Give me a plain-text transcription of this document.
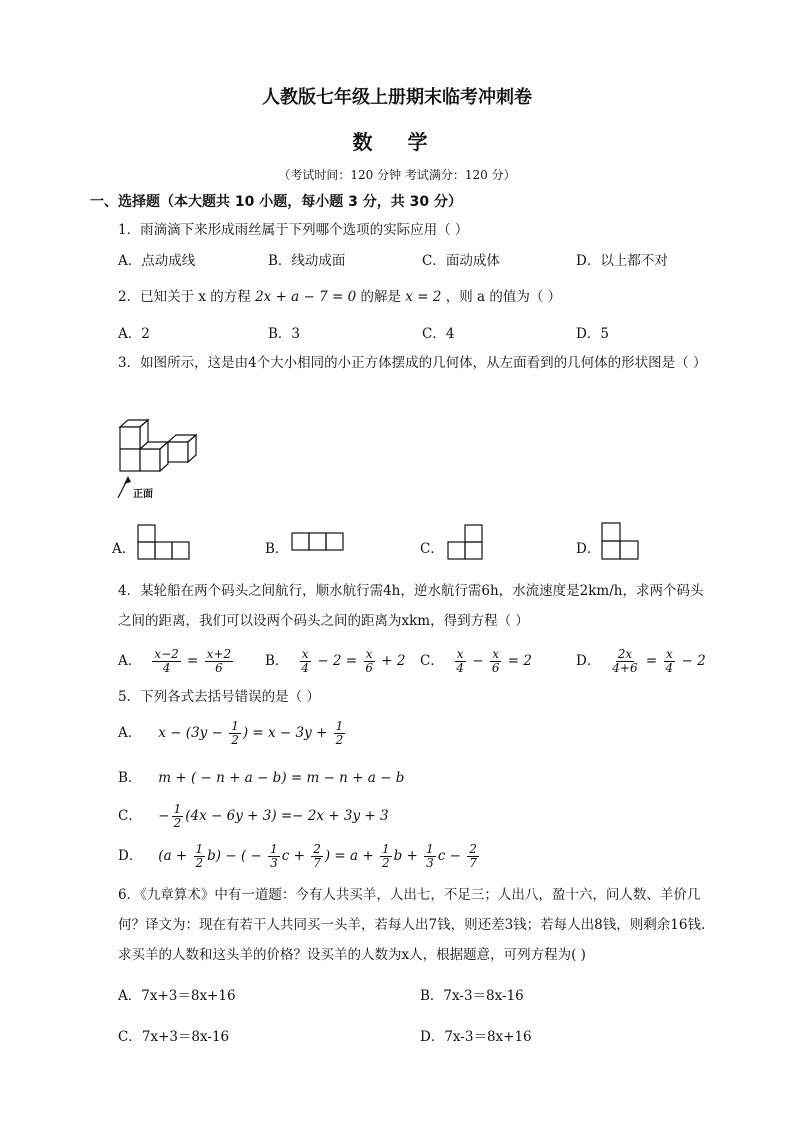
人教版七年级上册期末临考冲刺卷
数 学
（考试时间：120 分钟 考试满分：120 分）
一、选择题（本大题共 10 小题，每小题 3 分，共 30 分）
1．雨滴滴下来形成雨丝属于下列哪个选项的实际应用（ ）
A．点动成线	B．线动成面	C．面动成体	D．以上都不对
2．已知关于 x 的方程 2x + a − 7 = 0 的解是 x = 2 ，则 a 的值为（ ）
A．2	B．3	C．4	D．5
3．如图所示，这是由4个大小相同的小正方体摆成的几何体，从左面看到的几何体的形状图是（ ）
正面
A．	B．	C．	D．
4．某轮船在两个码头之间航行，顺水航行需4h，逆水航行需6h，水流速度是2km/h，求两个码头之间的距离，我们可以设两个码头之间的距离为xkm，得到方程（ ）
A． $\frac{x-2}{4} = \frac{x+2}{6}$ B． $\frac{x}{4} - 2 = \frac{x}{6} + 2$ C． $\frac{x}{4} - \frac{x}{6} = 2$	D． $\frac{2x}{4+6} = \frac{x}{4} - 2$
5．下列各式去括号错误的是（ ）
A． $x - (3y - \frac{1}{2}$ ) = $x - 3y + \frac{1}{2}$
B． m + ( − n + a − b) = m − n + a − b
C． − $\frac{1}{2} (4x - 6y + 3) =- 2x + 3y + 3$
D． $(a + \frac{1}{2} b)$ − ( − $\frac{1}{3}$ $c + \frac{2}{7}$ ) = $a + \frac{1}{2}$ $b + \frac{1}{3}$ $c - \frac{2}{7}$
6．《九章算术》中有一道题：今有人共买羊，人出七，不足三；人出八，盈十六，问人数、羊价几何？译文为：现在有若干人共同买一头羊，若每人出7钱，则还差3钱；若每人出8钱，则剩余16钱.求买羊的人数和这头羊的价格？设买羊的人数为x人，根据题意，可列方程为( )
A．7x+3＝8x+16	B．7x-3＝8x-16
C．7x+3＝8x-16	D．7x-3＝8x+16
